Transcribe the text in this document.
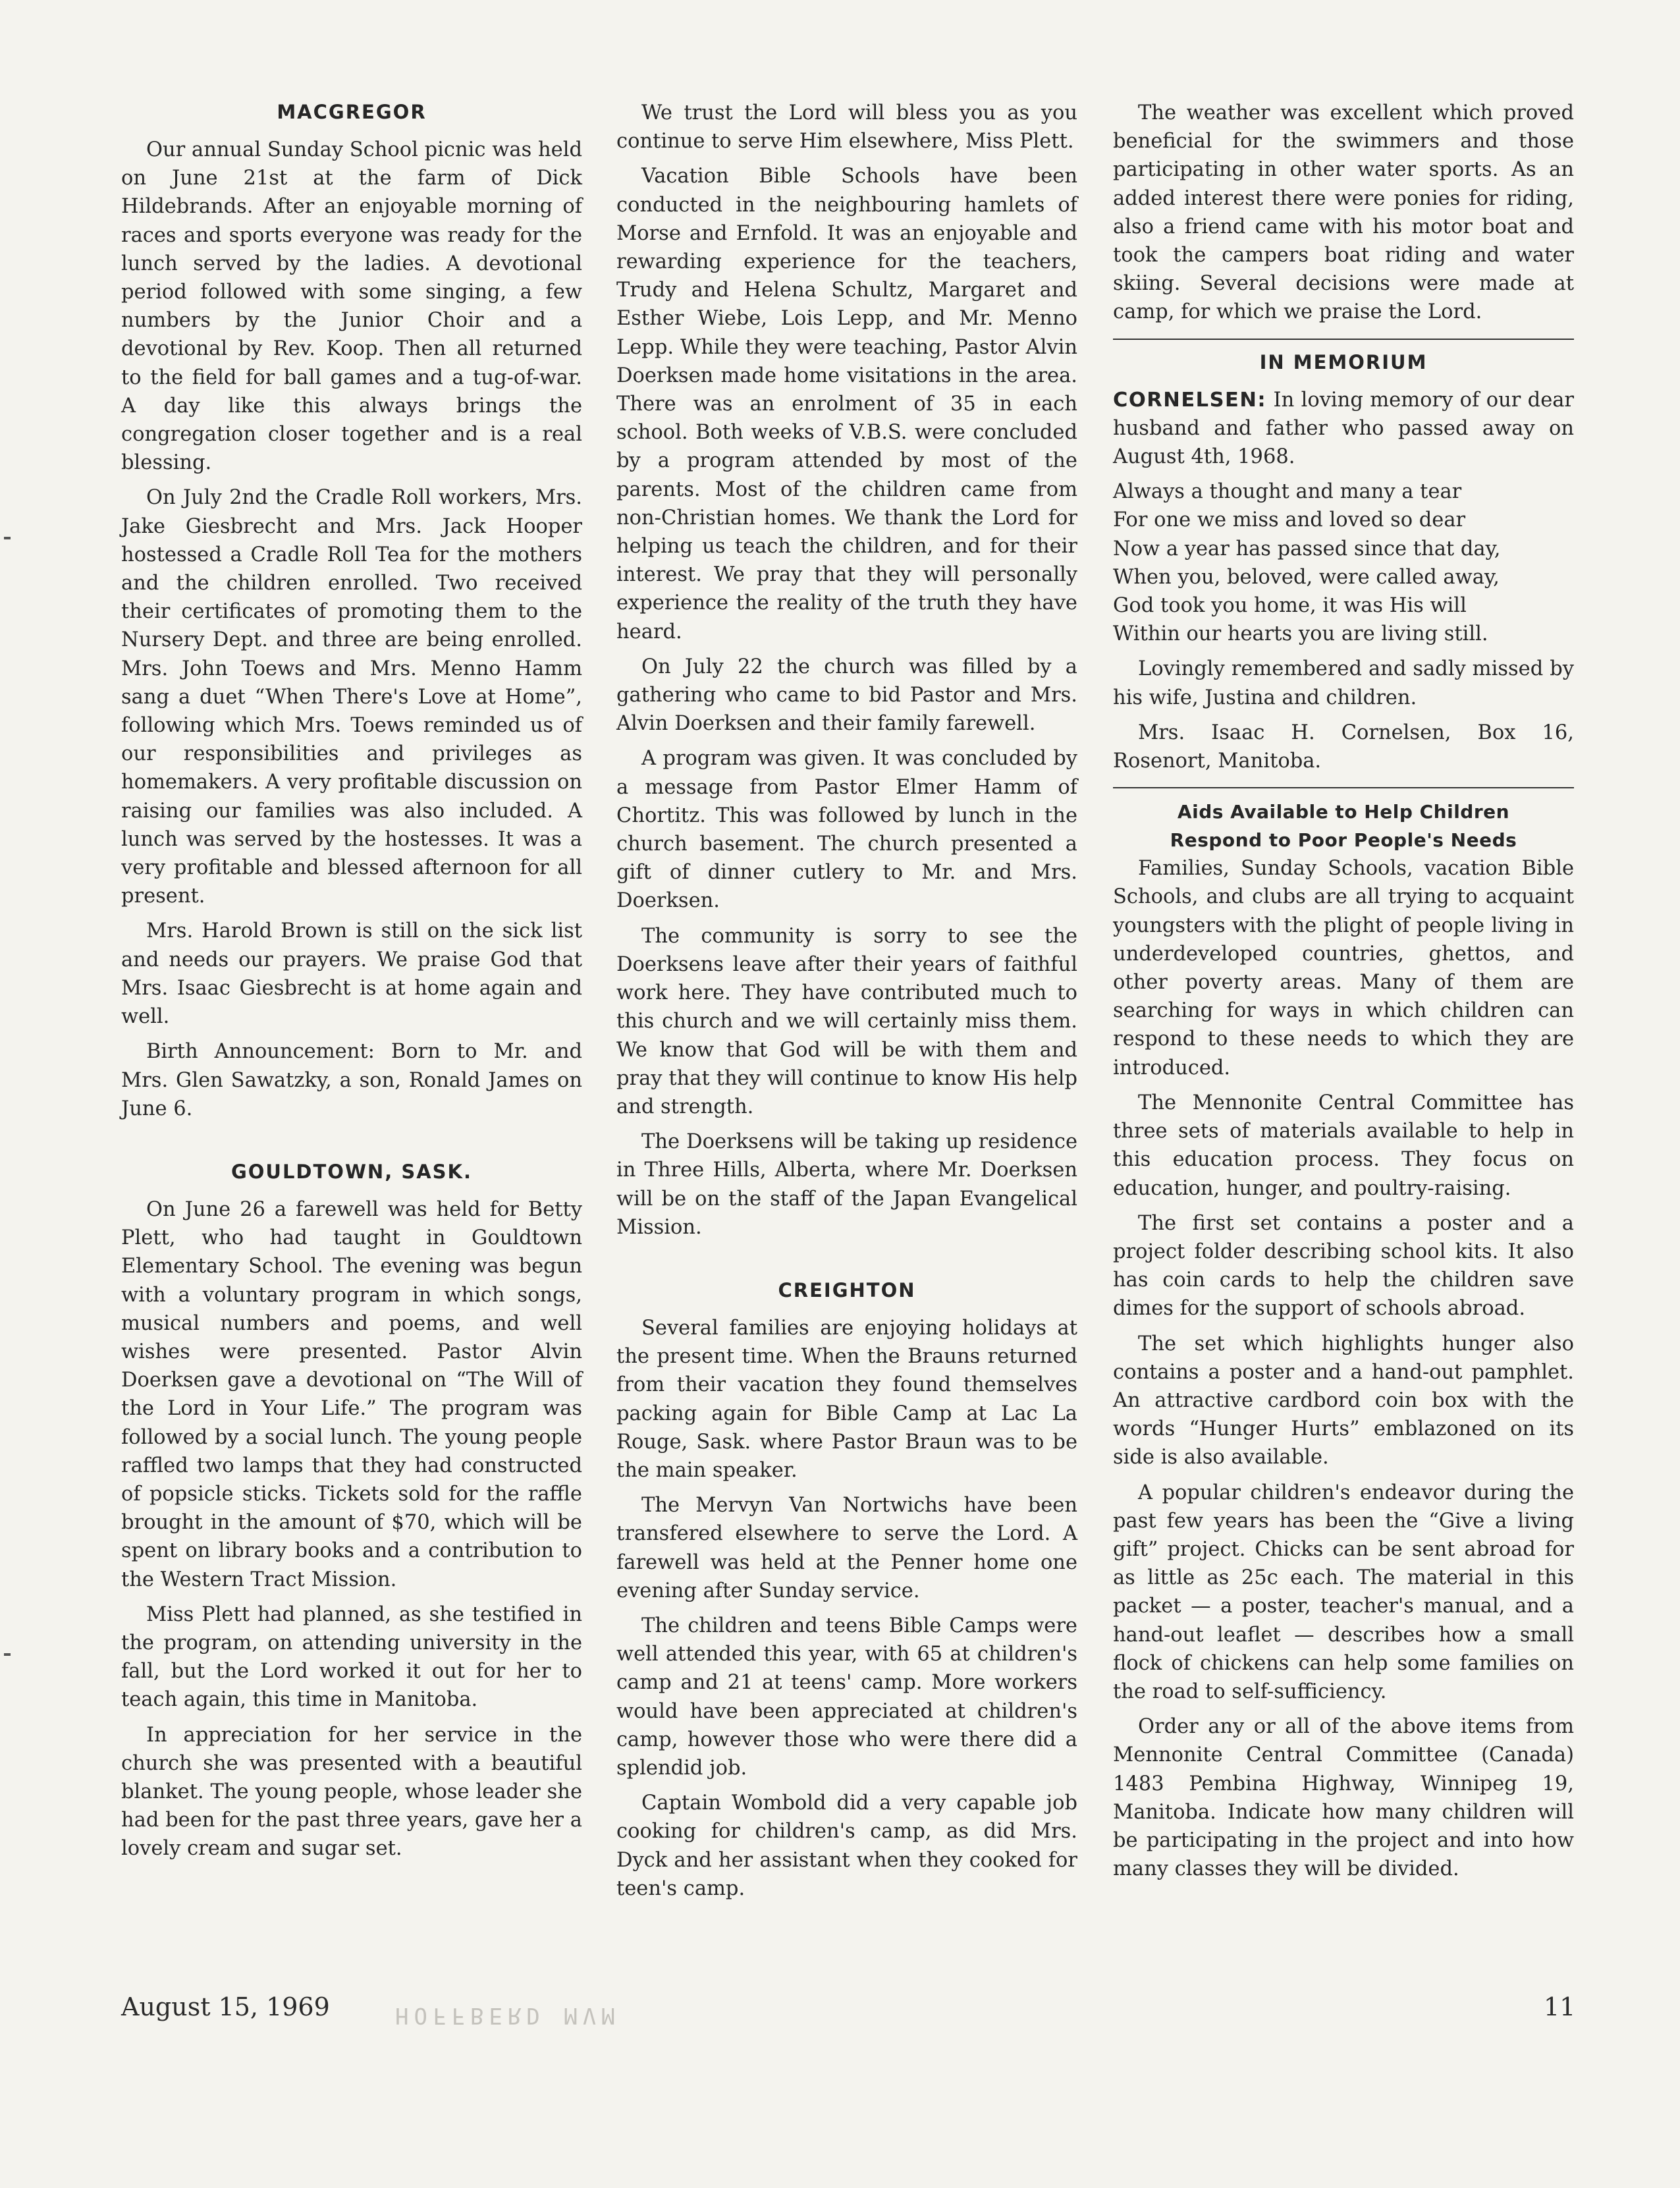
MACGREGOR

Our annual Sunday School picnic was held on June 21st at the farm of Dick Hildebrands. After an enjoyable morning of races and sports everyone was ready for the lunch served by the ladies. A devotional period followed with some singing, a few numbers by the Junior Choir and a devotional by Rev. Koop. Then all returned to the field for ball games and a tug-of-war. A day like this always brings the congregation closer together and is a real blessing.

On July 2nd the Cradle Roll workers, Mrs. Jake Giesbrecht and Mrs. Jack Hooper hostessed a Cradle Roll Tea for the mothers and the children enrolled. Two received their certificates of promoting them to the Nursery Dept. and three are being enrolled. Mrs. John Toews and Mrs. Menno Hamm sang a duet “When There's Love at Home”, following which Mrs. Toews reminded us of our responsibilities and privileges as homemakers. A very profitable discussion on raising our families was also included. A lunch was served by the hostesses. It was a very profitable and blessed afternoon for all present.

Mrs. Harold Brown is still on the sick list and needs our prayers. We praise God that Mrs. Isaac Giesbrecht is at home again and well.

Birth Announcement: Born to Mr. and Mrs. Glen Sawatzky, a son, Ronald James on June 6.

GOULDTOWN, SASK.

On June 26 a farewell was held for Betty Plett, who had taught in Gouldtown Elementary School. The evening was begun with a voluntary program in which songs, musical numbers and poems, and well wishes were presented. Pastor Alvin Doerksen gave a devotional on “The Will of the Lord in Your Life.” The program was followed by a social lunch. The young people raffled two lamps that they had constructed of popsicle sticks. Tickets sold for the raffle brought in the amount of $70, which will be spent on library books and a contribution to the Western Tract Mission.

Miss Plett had planned, as she testified in the program, on attending university in the fall, but the Lord worked it out for her to teach again, this time in Manitoba.

In appreciation for her service in the church she was presented with a beautiful blanket. The young people, whose leader she had been for the past three years, gave her a lovely cream and sugar set.

We trust the Lord will bless you as you continue to serve Him elsewhere, Miss Plett.

Vacation Bible Schools have been conducted in the neighbouring hamlets of Morse and Ernfold. It was an enjoyable and rewarding experience for the teachers, Trudy and Helena Schultz, Margaret and Esther Wiebe, Lois Lepp, and Mr. Menno Lepp. While they were teaching, Pastor Alvin Doerksen made home visitations in the area. There was an enrolment of 35 in each school. Both weeks of V.B.S. were concluded by a program attended by most of the parents. Most of the children came from non-Christian homes. We thank the Lord for helping us teach the children, and for their interest. We pray that they will personally experience the reality of the truth they have heard.

On July 22 the church was filled by a gathering who came to bid Pastor and Mrs. Alvin Doerksen and their family farewell.

A program was given. It was concluded by a message from Pastor Elmer Hamm of Chortitz. This was followed by lunch in the church basement. The church presented a gift of dinner cutlery to Mr. and Mrs. Doerksen.

The community is sorry to see the Doerksens leave after their years of faithful work here. They have contributed much to this church and we will certainly miss them. We know that God will be with them and pray that they will continue to know His help and strength.

The Doerksens will be taking up residence in Three Hills, Alberta, where Mr. Doerksen will be on the staff of the Japan Evangelical Mission.

CREIGHTON

Several families are enjoying holidays at the present time. When the Brauns returned from their vacation they found themselves packing again for Bible Camp at Lac La Rouge, Sask. where Pastor Braun was to be the main speaker.

The Mervyn Van Nortwichs have been transfered elsewhere to serve the Lord. A farewell was held at the Penner home one evening after Sunday service.

The children and teens Bible Camps were well attended this year, with 65 at children's camp and 21 at teens' camp. More workers would have been appreciated at children's camp, however those who were there did a splendid job.

Captain Wombold did a very capable job cooking for children's camp, as did Mrs. Dyck and her assistant when they cooked for teen's camp.

The weather was excellent which proved beneficial for the swimmers and those participating in other water sports. As an added interest there were ponies for riding, also a friend came with his motor boat and took the campers boat riding and water skiing. Several decisions were made at camp, for which we praise the Lord.

IN MEMORIUM

CORNELSEN: In loving memory of our dear husband and father who passed away on August 4th, 1968.

Always a thought and many a tear
For one we miss and loved so dear
Now a year has passed since that day,
When you, beloved, were called away,
God took you home, it was His will
Within our hearts you are living still.

Lovingly remembered and sadly missed by his wife, Justina and children.

Mrs. Isaac H. Cornelsen, Box 16, Rosenort, Manitoba.

Aids Available to Help Children
Respond to Poor People's Needs

Families, Sunday Schools, vacation Bible Schools, and clubs are all trying to acquaint youngsters with the plight of people living in underdeveloped countries, ghettos, and other poverty areas. Many of them are searching for ways in which children can respond to these needs to which they are introduced.

The Mennonite Central Committee has three sets of materials available to help in this education process. They focus on education, hunger, and poultry-raising.

The first set contains a poster and a project folder describing school kits. It also has coin cards to help the children save dimes for the support of schools abroad.

The set which highlights hunger also contains a poster and a hand-out pamphlet. An attractive cardbord coin box with the words “Hunger Hurts” emblazoned on its side is also available.

A popular children's endeavor during the past few years has been the “Give a living gift” project. Chicks can be sent abroad for as little as 25c each. The material in this packet — a poster, teacher's manual, and a hand-out leaflet — describes how a small flock of chickens can help some families on the road to self-sufficiency.

Order any or all of the above items from Mennonite Central Committee (Canada) 1483 Pembina Highway, Winnipeg 19, Manitoba. Indicate how many children will be participating in the project and into how many classes they will be divided.

August 15, 1969	HOFFBERD MVM	11
